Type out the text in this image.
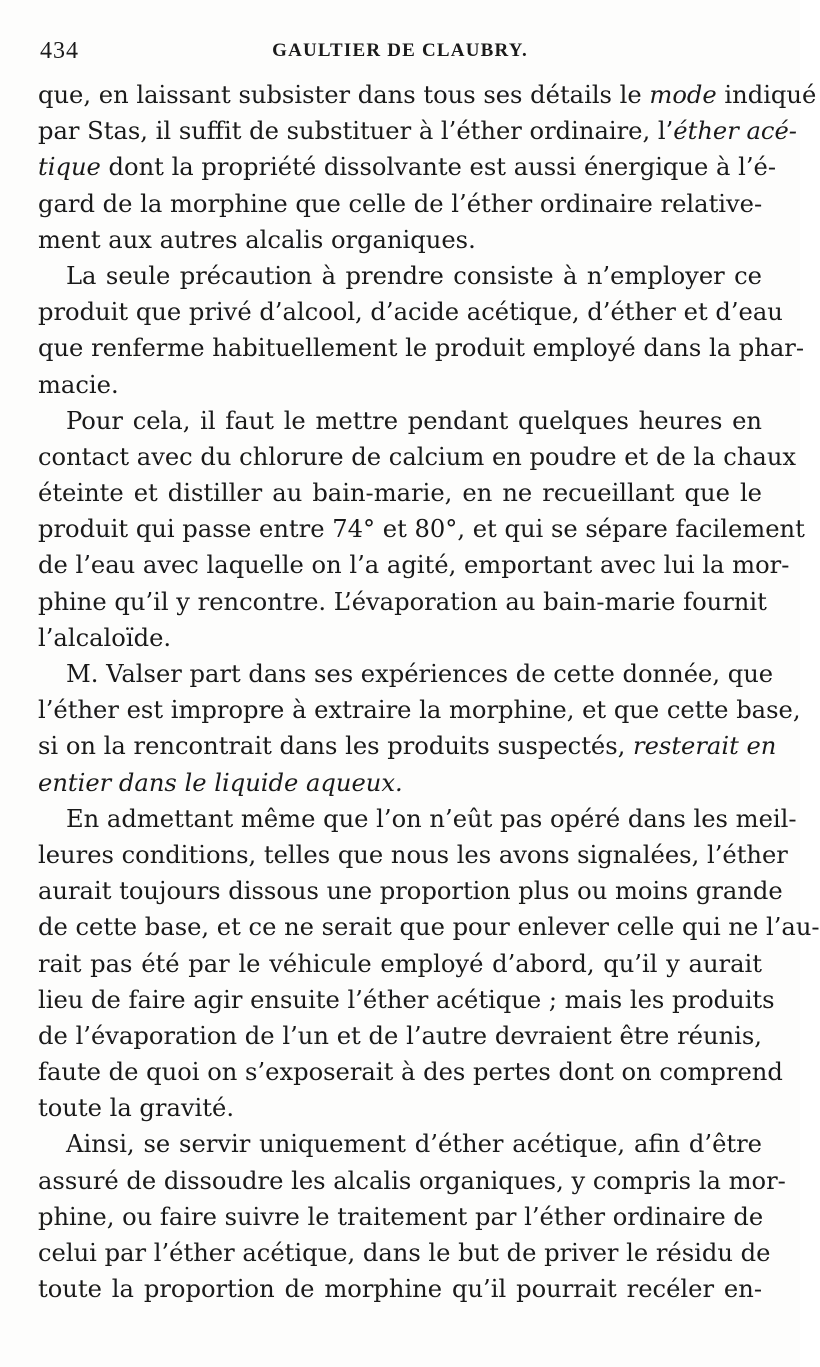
434	GAULTIER DE CLAUBRY.
que, en laissant subsister dans tous ses détails le mode indiqué
par Stas, il suffit de substituer à l’éther ordinaire, l’éther acé-
tique dont la propriété dissolvante est aussi énergique à l’é-
gard de la morphine que celle de l’éther ordinaire relative-
ment aux autres alcalis organiques.
La seule précaution à prendre consiste à n’employer ce
produit que privé d’alcool, d’acide acétique, d’éther et d’eau
que renferme habituellement le produit employé dans la phar-
macie.
Pour cela, il faut le mettre pendant quelques heures en
contact avec du chlorure de calcium en poudre et de la chaux
éteinte et distiller au bain-marie, en ne recueillant que le
produit qui passe entre 74° et 80°, et qui se sépare facilement
de l’eau avec laquelle on l’a agité, emportant avec lui la mor-
phine qu’il y rencontre. L’évaporation au bain-marie fournit
l’alcaloïde.
M. Valser part dans ses expériences de cette donnée, que
l’éther est impropre à extraire la morphine, et que cette base,
si on la rencontrait dans les produits suspectés, resterait en
entier dans le liquide aqueux.
En admettant même que l’on n’eût pas opéré dans les meil-
leures conditions, telles que nous les avons signalées, l’éther
aurait toujours dissous une proportion plus ou moins grande
de cette base, et ce ne serait que pour enlever celle qui ne l’au-
rait pas été par le véhicule employé d’abord, qu’il y aurait
lieu de faire agir ensuite l’éther acétique ; mais les produits
de l’évaporation de l’un et de l’autre devraient être réunis,
faute de quoi on s’exposerait à des pertes dont on comprend
toute la gravité.
Ainsi, se servir uniquement d’éther acétique, afin d’être
assuré de dissoudre les alcalis organiques, y compris la mor-
phine, ou faire suivre le traitement par l’éther ordinaire de
celui par l’éther acétique, dans le but de priver le résidu de
toute la proportion de morphine qu’il pourrait recéler en-
